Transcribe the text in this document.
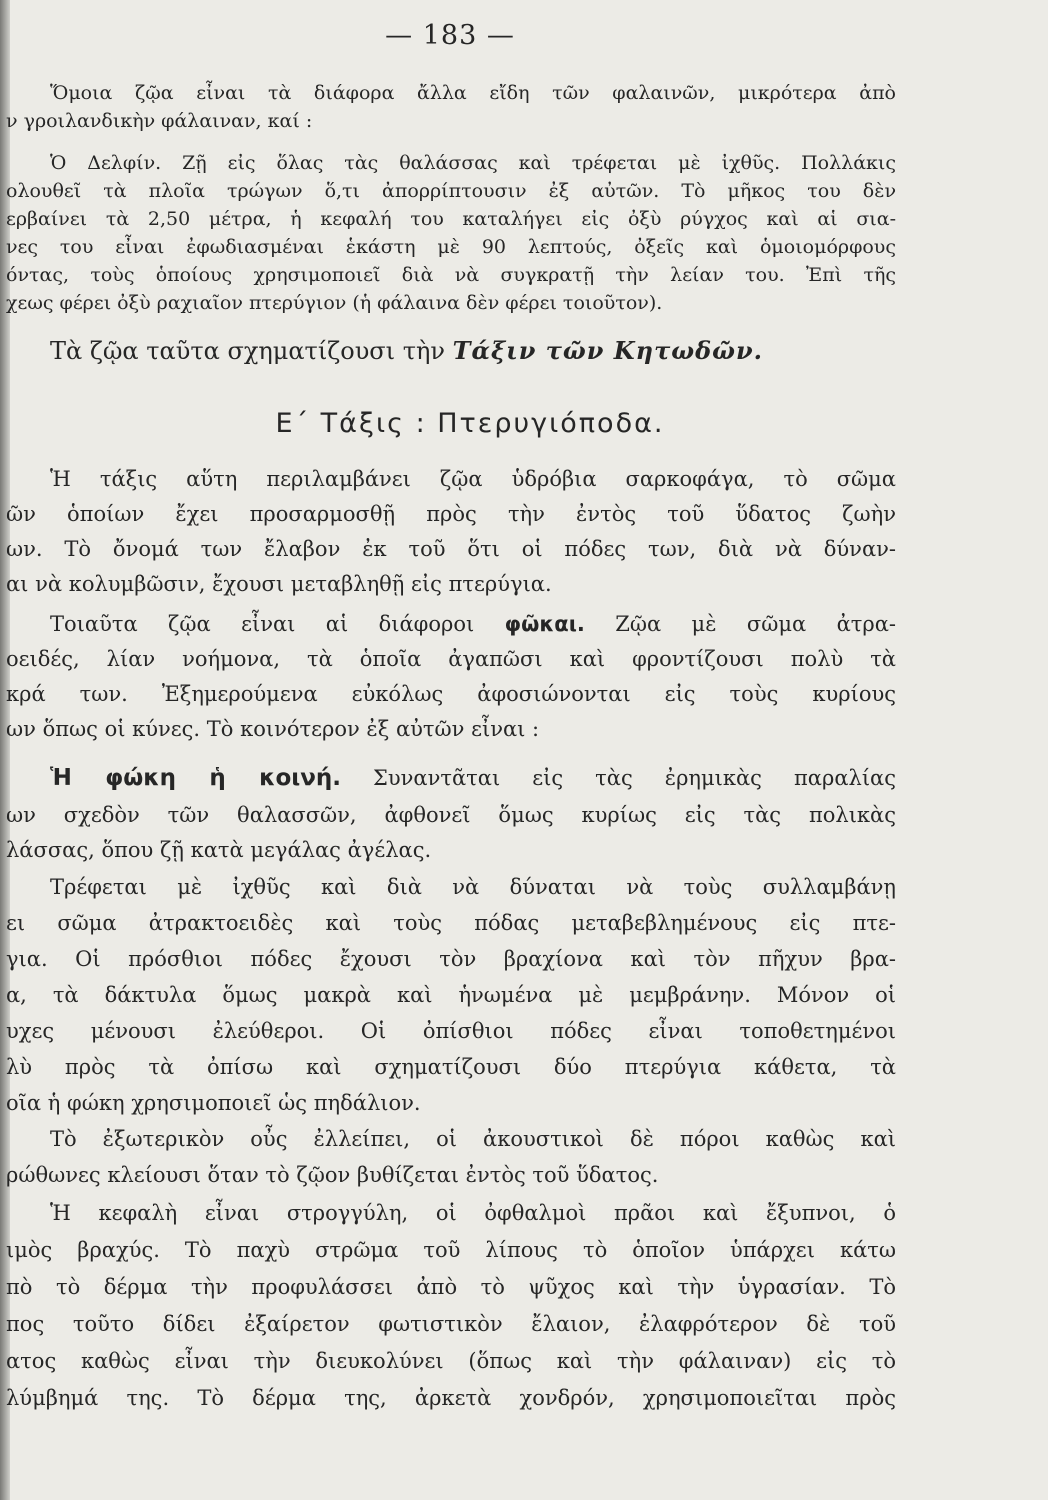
— 183 —

Ὅμοια ζῷα εἶναι τὰ διάφορα ἄλλα εἴδη τῶν φαλαινῶν, μικρότερα ἀπὸ

ν γροιλανδικὴν φάλαιναν, καί :

Ὁ Δελφίν. Ζῇ εἰς ὅλας τὰς θαλάσσας καὶ τρέφεται μὲ ἰχθῦς. Πολλάκις

ολουθεῖ τὰ πλοῖα τρώγων ὅ,τι ἀπορρίπτουσιν ἐξ αὐτῶν. Τὸ μῆκος του δὲν

ερβαίνει τὰ 2,50 μέτρα, ἡ κεφαλή του καταλήγει εἰς ὀξὺ ρύγχος καὶ αἱ σια-

νες του εἶναι ἐφωδιασμέναι ἑκάστη μὲ 90 λεπτούς, ὀξεῖς καὶ ὁμοιομόρφους

όντας, τοὺς ὁποίους χρησιμοποιεῖ διὰ νὰ συγκρατῇ τὴν λείαν του. Ἐπὶ τῆς

χεως φέρει ὀξὺ ραχιαῖον πτερύγιον (ἡ φάλαινα δὲν φέρει τοιοῦτον).

Τὰ ζῷα ταῦτα σχηματίζουσι τὴν Τάξιν τῶν Κητωδῶν.

Ε΄ Τάξις : Πτερυγιόποδα.

Ἡ τάξις αὕτη περιλαμβάνει ζῷα ὑδρόβια σαρκοφάγα, τὸ σῶμα

ῶν ὁποίων ἔχει προσαρμοσθῇ πρὸς τὴν ἐντὸς τοῦ ὕδατος ζωὴν

ων. Τὸ ὄνομά των ἔλαβον ἐκ τοῦ ὅτι οἱ πόδες των, διὰ νὰ δύναν-

αι νὰ κολυμβῶσιν, ἔχουσι μεταβληθῇ εἰς πτερύγια.

Τοιαῦτα ζῷα εἶναι αἱ διάφοροι φῶκαι. Ζῷα μὲ σῶμα ἀτρα-

οειδές, λίαν νοήμονα, τὰ ὁποῖα ἀγαπῶσι καὶ φροντίζουσι πολὺ τὰ

κρά των. Ἐξημερούμενα εὐκόλως ἀφοσιώνονται εἰς τοὺς κυρίους

ων ὅπως οἱ κύνες. Τὸ κοινότερον ἐξ αὐτῶν εἶναι :

Ἡ φώκη ἡ κοινή. Συναντᾶται εἰς τὰς ἐρημικὰς παραλίας

ων σχεδὸν τῶν θαλασσῶν, ἀφθονεῖ ὅμως κυρίως εἰς τὰς πολικὰς

λάσσας, ὅπου ζῇ κατὰ μεγάλας ἀγέλας.

Τρέφεται μὲ ἰχθῦς καὶ διὰ νὰ δύναται νὰ τοὺς συλλαμβάνῃ

ει σῶμα ἀτρακτοειδὲς καὶ τοὺς πόδας μεταβεβλημένους εἰς πτε-

για. Οἱ πρόσθιοι πόδες ἔχουσι τὸν βραχίονα καὶ τὸν πῆχυν βρα-

α, τὰ δάκτυλα ὅμως μακρὰ καὶ ἡνωμένα μὲ μεμβράνην. Μόνον οἱ

υχες μένουσι ἐλεύθεροι. Οἱ ὀπίσθιοι πόδες εἶναι τοποθετημένοι

λὺ πρὸς τὰ ὀπίσω καὶ σχηματίζουσι δύο πτερύγια κάθετα, τὰ

οῖα ἡ φώκη χρησιμοποιεῖ ὡς πηδάλιον.

Τὸ ἐξωτερικὸν οὖς ἐλλείπει, οἱ ἀκουστικοὶ δὲ πόροι καθὼς καὶ

ρώθωνες κλείουσι ὅταν τὸ ζῷον βυθίζεται ἐντὸς τοῦ ὕδατος.

Ἡ κεφαλὴ εἶναι στρογγύλη, οἱ ὀφθαλμοὶ πρᾶοι καὶ ἔξυπνοι, ὁ

ιμὸς βραχύς. Τὸ παχὺ στρῶμα τοῦ λίπους τὸ ὁποῖον ὑπάρχει κάτω

πὸ τὸ δέρμα τὴν προφυλάσσει ἀπὸ τὸ ψῦχος καὶ τὴν ὑγρασίαν. Τὸ

πος τοῦτο δίδει ἐξαίρετον φωτιστικὸν ἔλαιον, ἐλαφρότερον δὲ τοῦ

ατος καθὼς εἶναι τὴν διευκολύνει (ὅπως καὶ τὴν φάλαιναν) εἰς τὸ

λύμβημά της. Τὸ δέρμα της, ἀρκετὰ χονδρόν, χρησιμοποιεῖται πρὸς
